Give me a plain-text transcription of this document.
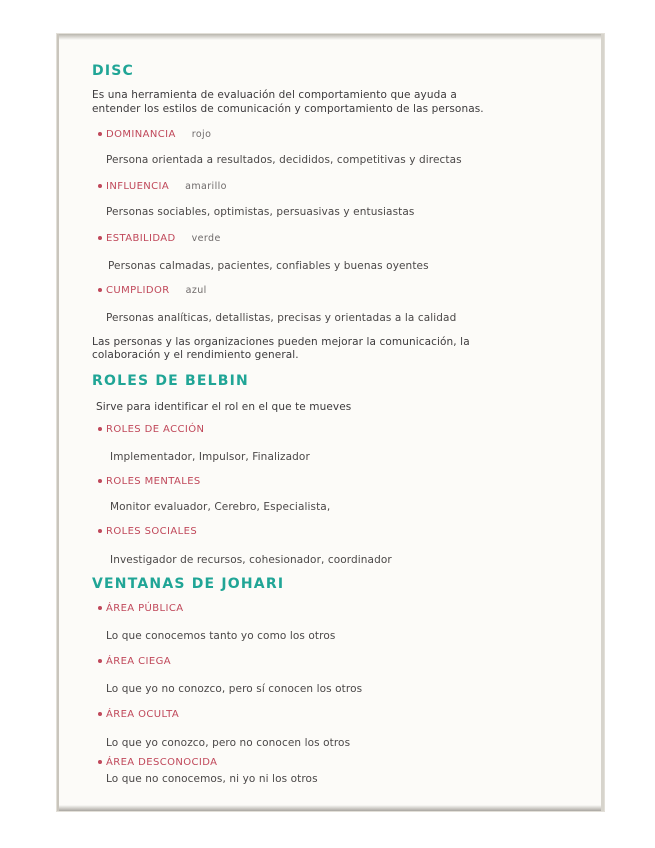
DISC
Es una herramienta de evaluación del comportamiento que ayuda a
entender los estilos de comunicación y comportamiento de las personas.
DOMINANCIA rojo
Persona orientada a resultados, decididos, competitivas y directas
INFLUENCIA amarillo
Personas sociables, optimistas, persuasivas y entusiastas
ESTABILIDAD verde
Personas calmadas, pacientes, confiables y buenas oyentes
CUMPLIDOR azul
Personas analíticas, detallistas, precisas y orientadas a la calidad
Las personas y las organizaciones pueden mejorar la comunicación, la
colaboración y el rendimiento general.
ROLES DE BELBIN
Sirve para identificar el rol en el que te mueves
ROLES DE ACCIÓN
Implementador, Impulsor, Finalizador
ROLES MENTALES
Monitor evaluador, Cerebro, Especialista,
ROLES SOCIALES
Investigador de recursos, cohesionador, coordinador
VENTANAS DE JOHARI
ÁREA PÚBLICA
Lo que conocemos tanto yo como los otros
ÁREA CIEGA
Lo que yo no conozco, pero sí conocen los otros
ÁREA OCULTA
Lo que yo conozco, pero no conocen los otros
ÁREA DESCONOCIDA
Lo que no conocemos, ni yo ni los otros
